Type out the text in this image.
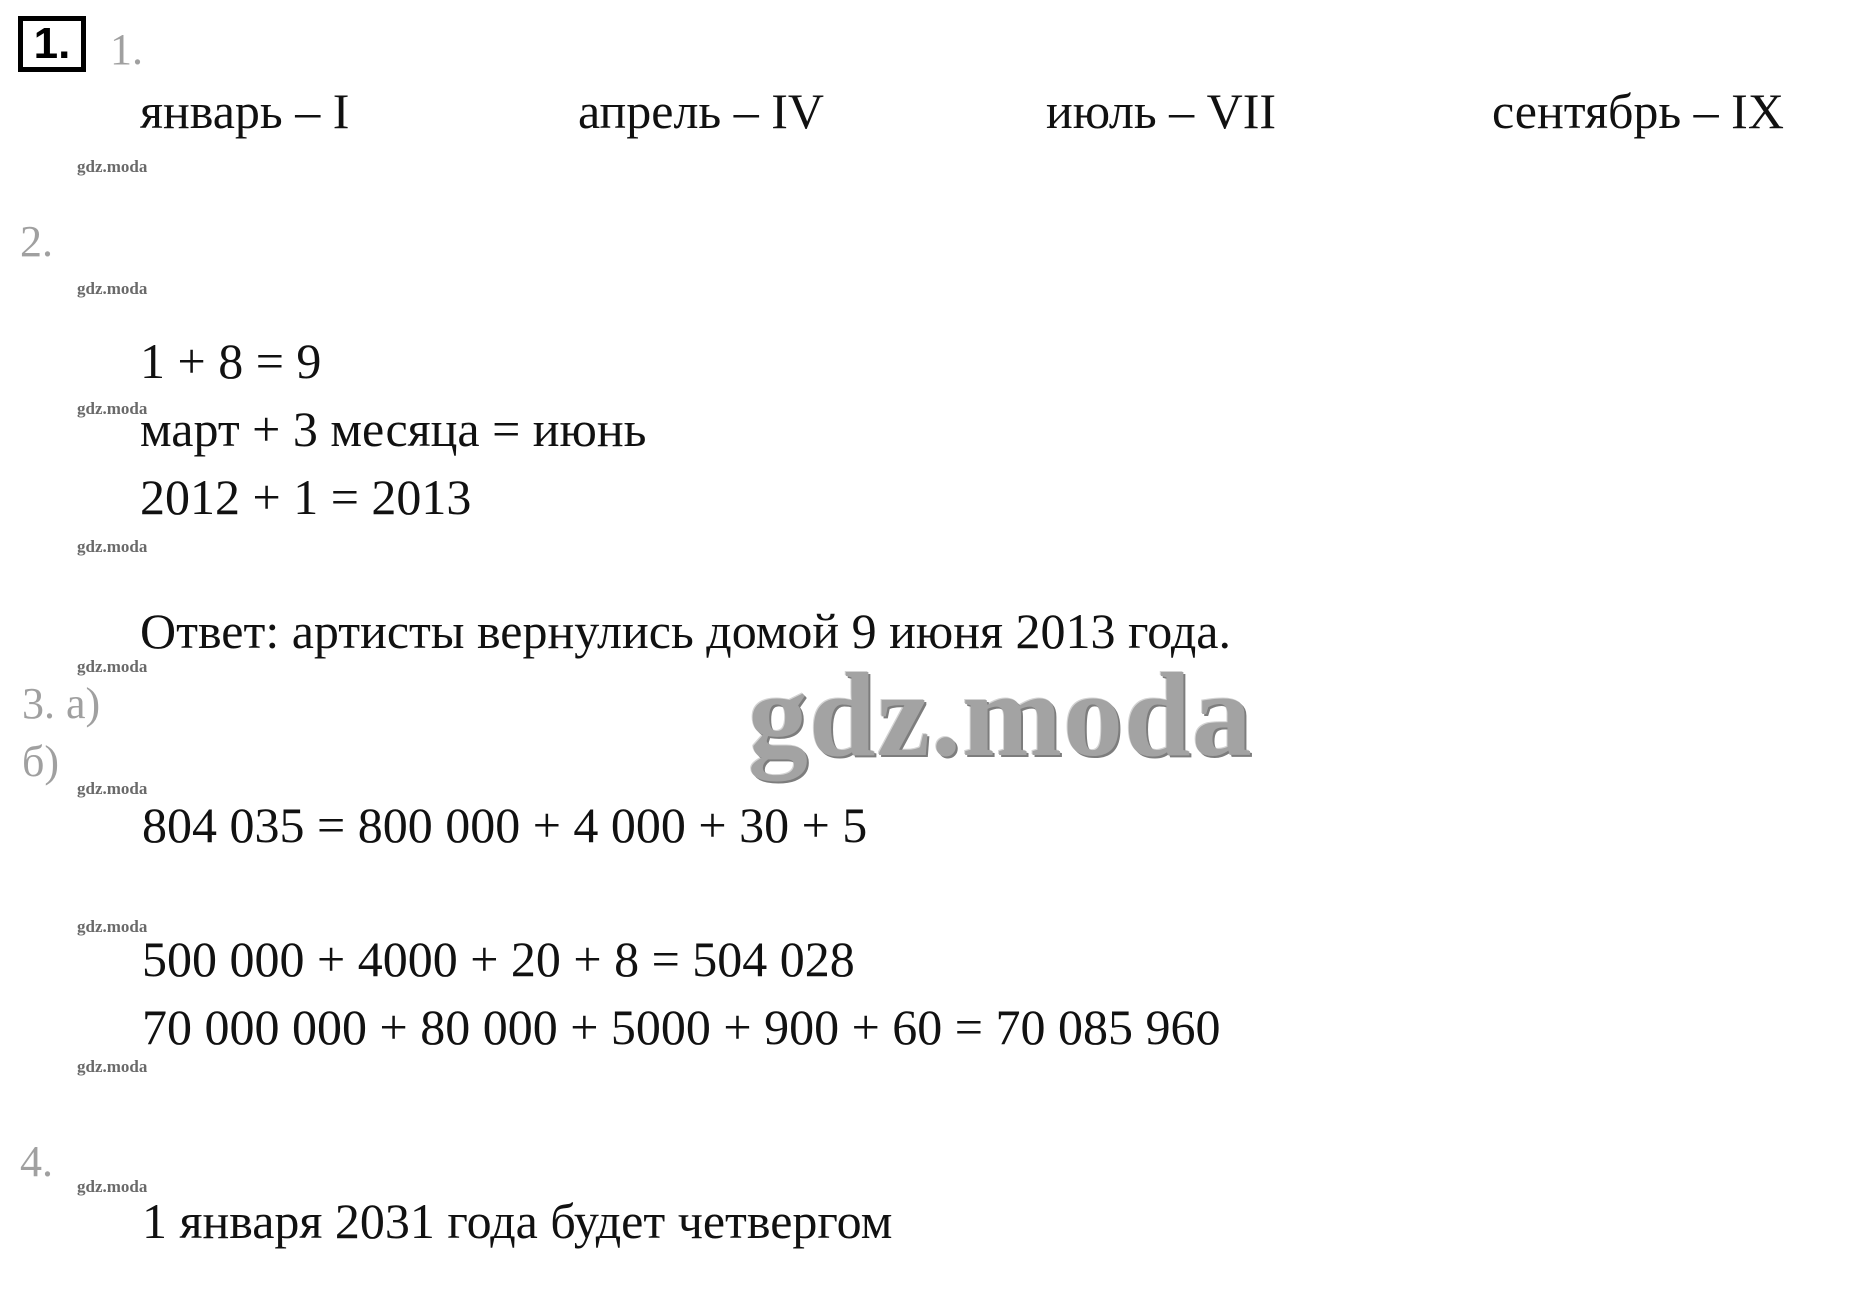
1. 1.
январь – I	апрель – IV	июль – VII	сентябрь – IX
gdz.moda
2.
gdz.moda
1 + 8 = 9
gdz.moda
март + 3 месяца = июнь
2012 + 1 = 2013
gdz.moda
Ответ: артисты вернулись домой 9 июня 2013 года.
gdz.moda
3. а)
б)
gdz.moda
804 035 = 800 000 + 4 000 + 30 + 5
gdz.moda
500 000 + 4000 + 20 + 8 = 504 028
70 000 000 + 80 000 + 5000 + 900 + 60 = 70 085 960
gdz.moda
4.
gdz.moda
1 января 2031 года будет четвергом
gdz.moda
